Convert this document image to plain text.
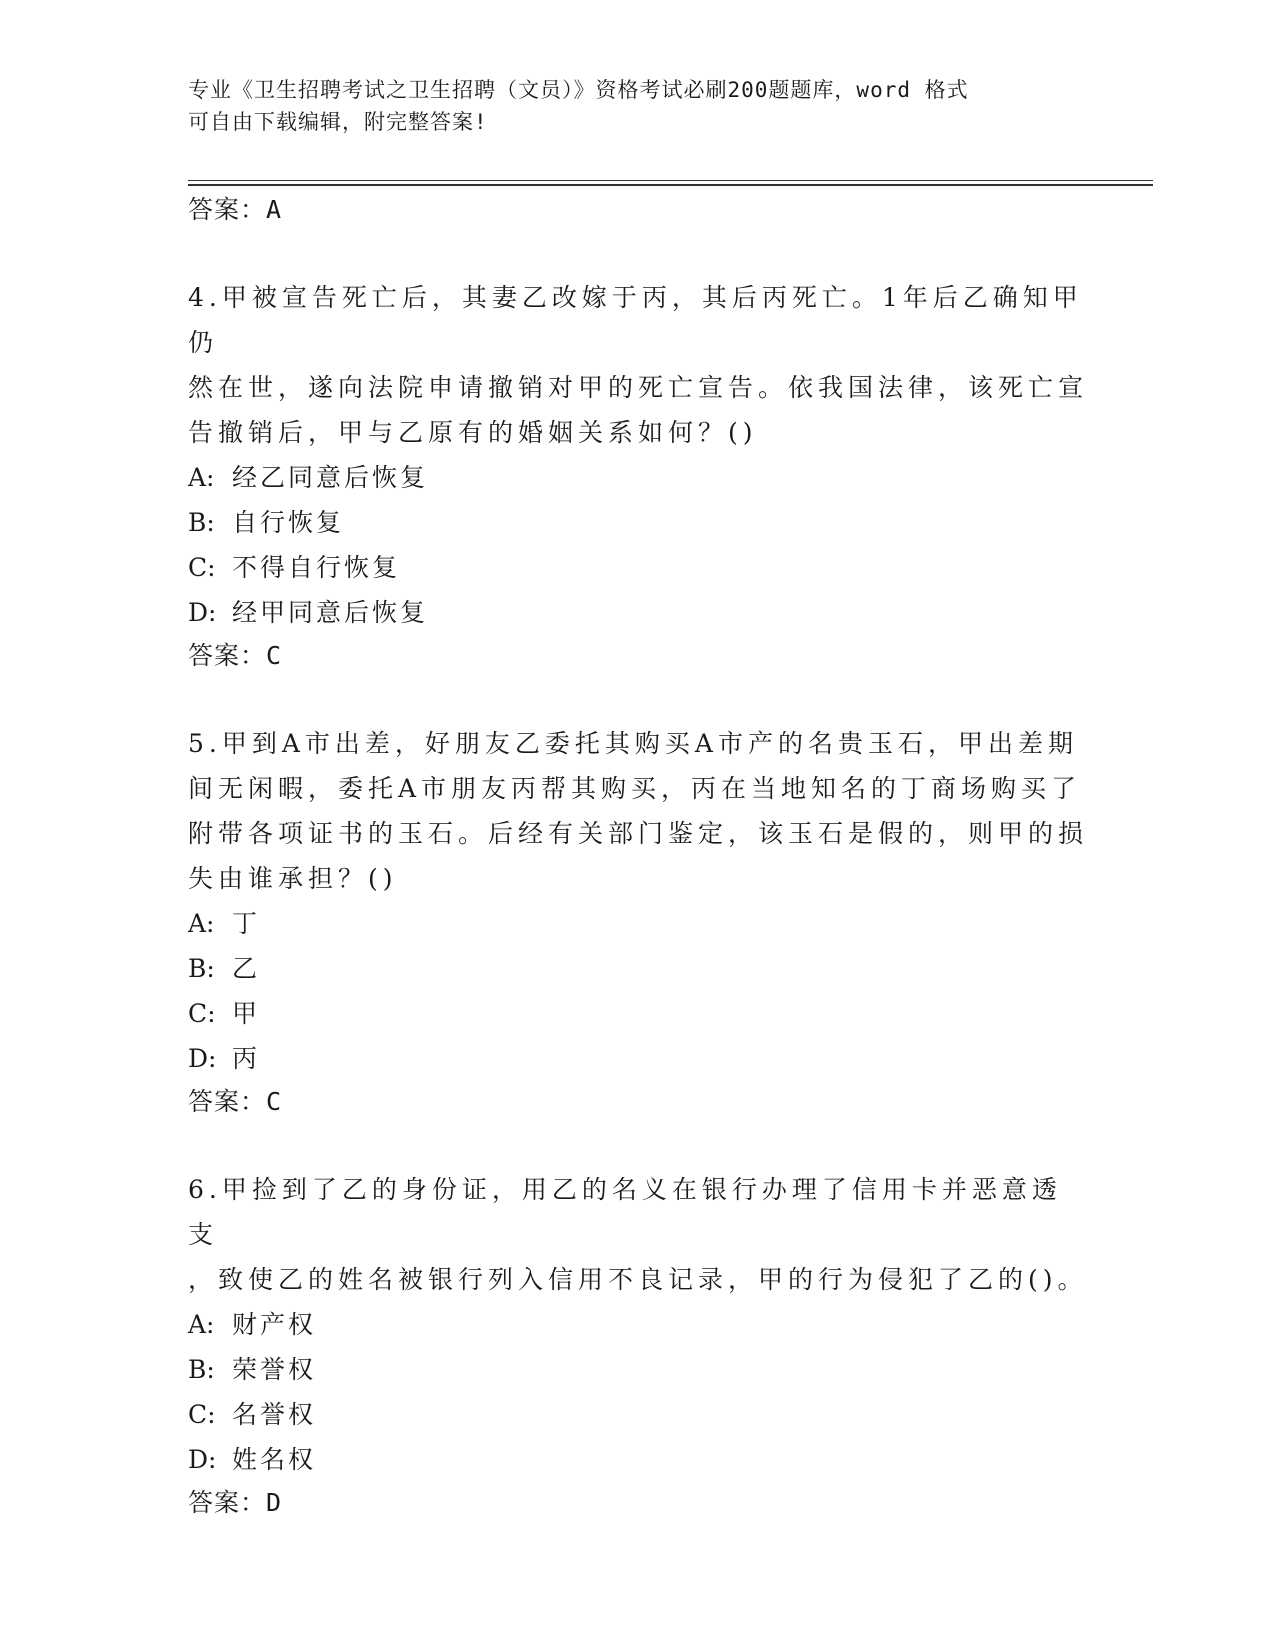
专业《卫生招聘考试之卫生招聘（文员）》资格考试必刷200题题库，word 格式
可自由下载编辑，附完整答案!
答案：A
4.甲被宣告死亡后，其妻乙改嫁于丙，其后丙死亡。1年后乙确知甲仍
然在世，遂向法院申请撤销对甲的死亡宣告。依我国法律，该死亡宣
告撤销后，甲与乙原有的婚姻关系如何？()
A: 经乙同意后恢复
B: 自行恢复
C: 不得自行恢复
D: 经甲同意后恢复
答案：C
5.甲到A市出差，好朋友乙委托其购买A市产的名贵玉石，甲出差期
间无闲暇，委托A市朋友丙帮其购买，丙在当地知名的丁商场购买了
附带各项证书的玉石。后经有关部门鉴定，该玉石是假的，则甲的损
失由谁承担？()
A: 丁
B: 乙
C: 甲
D: 丙
答案：C
6.甲捡到了乙的身份证，用乙的名义在银行办理了信用卡并恶意透支
，致使乙的姓名被银行列入信用不良记录，甲的行为侵犯了乙的()。
A: 财产权
B: 荣誉权
C: 名誉权
D: 姓名权
答案：D
